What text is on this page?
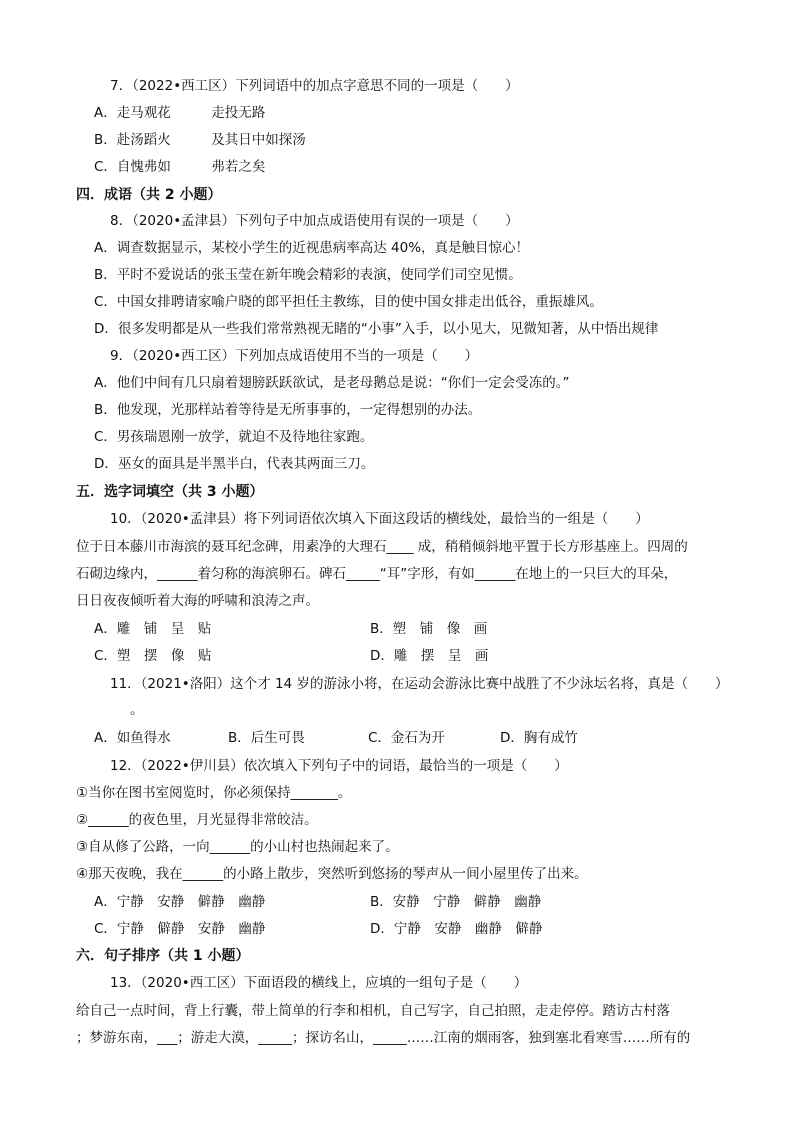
7．（2022•西工区）下列词语中的加点字意思不同的一项是（　　）
A．走马观花　　　走投无路
B．赴汤蹈火　　　及其日中如探汤
C．自愧弗如　　　弗若之矣
四．成语（共 2 小题）
8．（2020•孟津县）下列句子中加点成语使用有误的一项是（　　）
A．调查数据显示，某校小学生的近视患病率高达 40%，真是触目惊心！
B．平时不爱说话的张玉莹在新年晚会精彩的表演，使同学们司空见惯。
C．中国女排聘请家喻户晓的郎平担任主教练，目的使中国女排走出低谷，重振雄风。
D．很多发明都是从一些我们常常熟视无睹的“小事”入手，以小见大，见微知著，从中悟出规律
9．（2020•西工区）下列加点成语使用不当的一项是（　　）
A．他们中间有几只扇着翅膀跃跃欲试，是老母鹅总是说：“你们一定会受冻的。”
B．他发现，光那样站着等待是无所事事的，一定得想别的办法。
C．男孩瑞恩刚一放学，就迫不及待地往家跑。
D．巫女的面具是半黑半白，代表其两面三刀。
五．选字词填空（共 3 小题）
10．（2020•孟津县）将下列词语依次填入下面这段话的横线处，最恰当的一组是（　　）
位于日本藤川市海滨的聂耳纪念碑，用素净的大理石____ 成，稍稍倾斜地平置于长方形基座上。四周的
石砌边缘内，______着匀称的海滨卵石。碑石_____“耳”字形，有如______在地上的一只巨大的耳朵，
日日夜夜倾听着大海的呼啸和浪涛之声。
A．雕　铺　呈　贴	B．塑　铺　像　画
C．塑　摆　像　贴	D．雕　摆　呈　画
11．（2021•洛阳）这个才 14 岁的游泳小将，在运动会游泳比赛中战胜了不少泳坛名将，真是（　　）
。
A．如鱼得水	B．后生可畏	C．金石为开	D．胸有成竹
12．（2022•伊川县）依次填入下列句子中的词语，最恰当的一项是（　　）
①当你在图书室阅览时，你必须保持_______。
②______的夜色里，月光显得非常皎洁。
③自从修了公路，一向______的小山村也热闹起来了。
④那天夜晚，我在______的小路上散步，突然听到悠扬的琴声从一间小屋里传了出来。
A．宁静　安静　僻静　幽静	B．安静　宁静　僻静　幽静
C．宁静　僻静　安静　幽静	D．宁静　安静　幽静　僻静
六．句子排序（共 1 小题）
13．（2020•西工区）下面语段的横线上，应填的一组句子是（　　）
给自己一点时间，背上行囊，带上简单的行李和相机，自己写字，自己拍照，走走停停。踏访古村落
；梦游东南，___；游走大漠，_____；探访名山，_____……江南的烟雨客，独到塞北看寒雪……所有的
